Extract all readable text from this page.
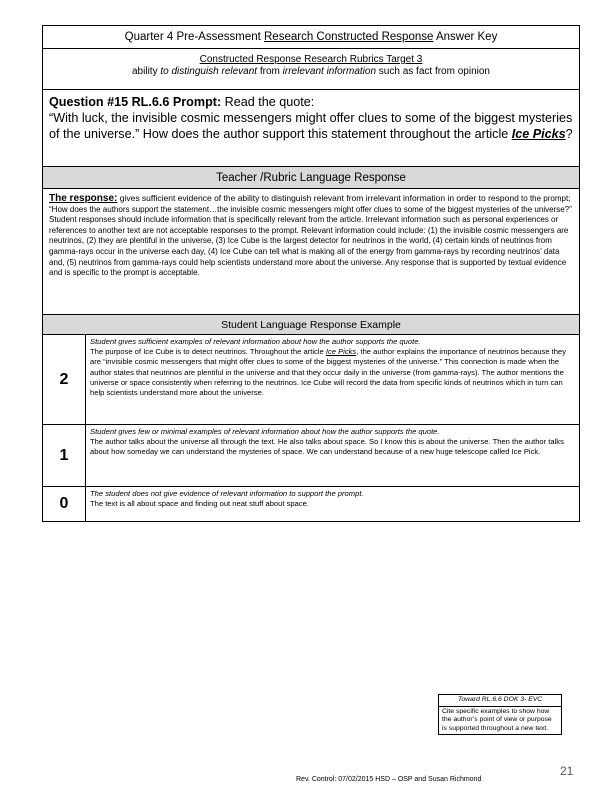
Quarter 4 Pre-Assessment Research Constructed Response Answer Key
Constructed Response Research Rubrics Target 3
ability to distinguish relevant from irrelevant information such as fact from opinion
Question #15 RL.6.6 Prompt: Read the quote:
“With luck, the invisible cosmic messengers might offer clues to some of the biggest mysteries of the universe.” How does the author support this statement throughout the article Ice Picks?
Teacher /Rubric Language Response
The response: gives sufficient evidence of the ability to distinguish relevant from irrelevant information in order to respond to the prompt; “How does the authors support the statement…the invisible cosmic messengers might offer clues to some of the biggest mysteries of the universe?” Student responses should include information that is specifically relevant from the article. Irrelevant information such as personal experiences or references to another text are not acceptable responses to the prompt. Relevant information could include: (1) the invisible cosmic messengers are neutrinos, (2) they are plentiful in the universe, (3) Ice Cube is the largest detector for neutrinos in the world, (4) certain kinds of neutrinos from gamma-rays occur in the universe each day, (4) Ice Cube can tell what is making all of the energy from gamma-rays by recording neutrinos’ data and, (5) neutrinos from gamma-rays could help scientists understand more about the universe. Any response that is supported by textual evidence and is specific to the prompt is acceptable.
Student Language Response Example
2
Student gives sufficient examples of relevant information about how the author supports the quote.
The purpose of Ice Cube is to detect neutrinos. Throughout the article Ice Picks, the author explains the importance of neutrinos because they are “invisible cosmic messengers that might offer clues to some of the biggest mysteries of the universe.” This connection is made when the author states that neutrinos are plentiful in the universe and that they occur daily in the universe (from gamma-rays). The author mentions the universe or space consistently when referring to the neutrinos. Ice Cube will record the data from specific kinds of neutrinos which in turn can help scientists understand more about the universe.
1
Student gives few or minimal examples of relevant information about how the author supports the quote.
The author talks about the universe all through the text. He also talks about space. So I know this is about the universe. Then the author talks about how someday we can understand the mysteries of space. We can understand because of a new huge telescope called Ice Pick.
0
The student does not give evidence of relevant information to support the prompt.
The text is all about space and finding out neat stuff about space.
Toward RL.6.6 DOK 3- EVC
Cite specific examples to show how the author’s point of view or purpose is supported throughout a new text.
Rev. Control: 07/02/2015 HSD – OSP and Susan Richmond
21
